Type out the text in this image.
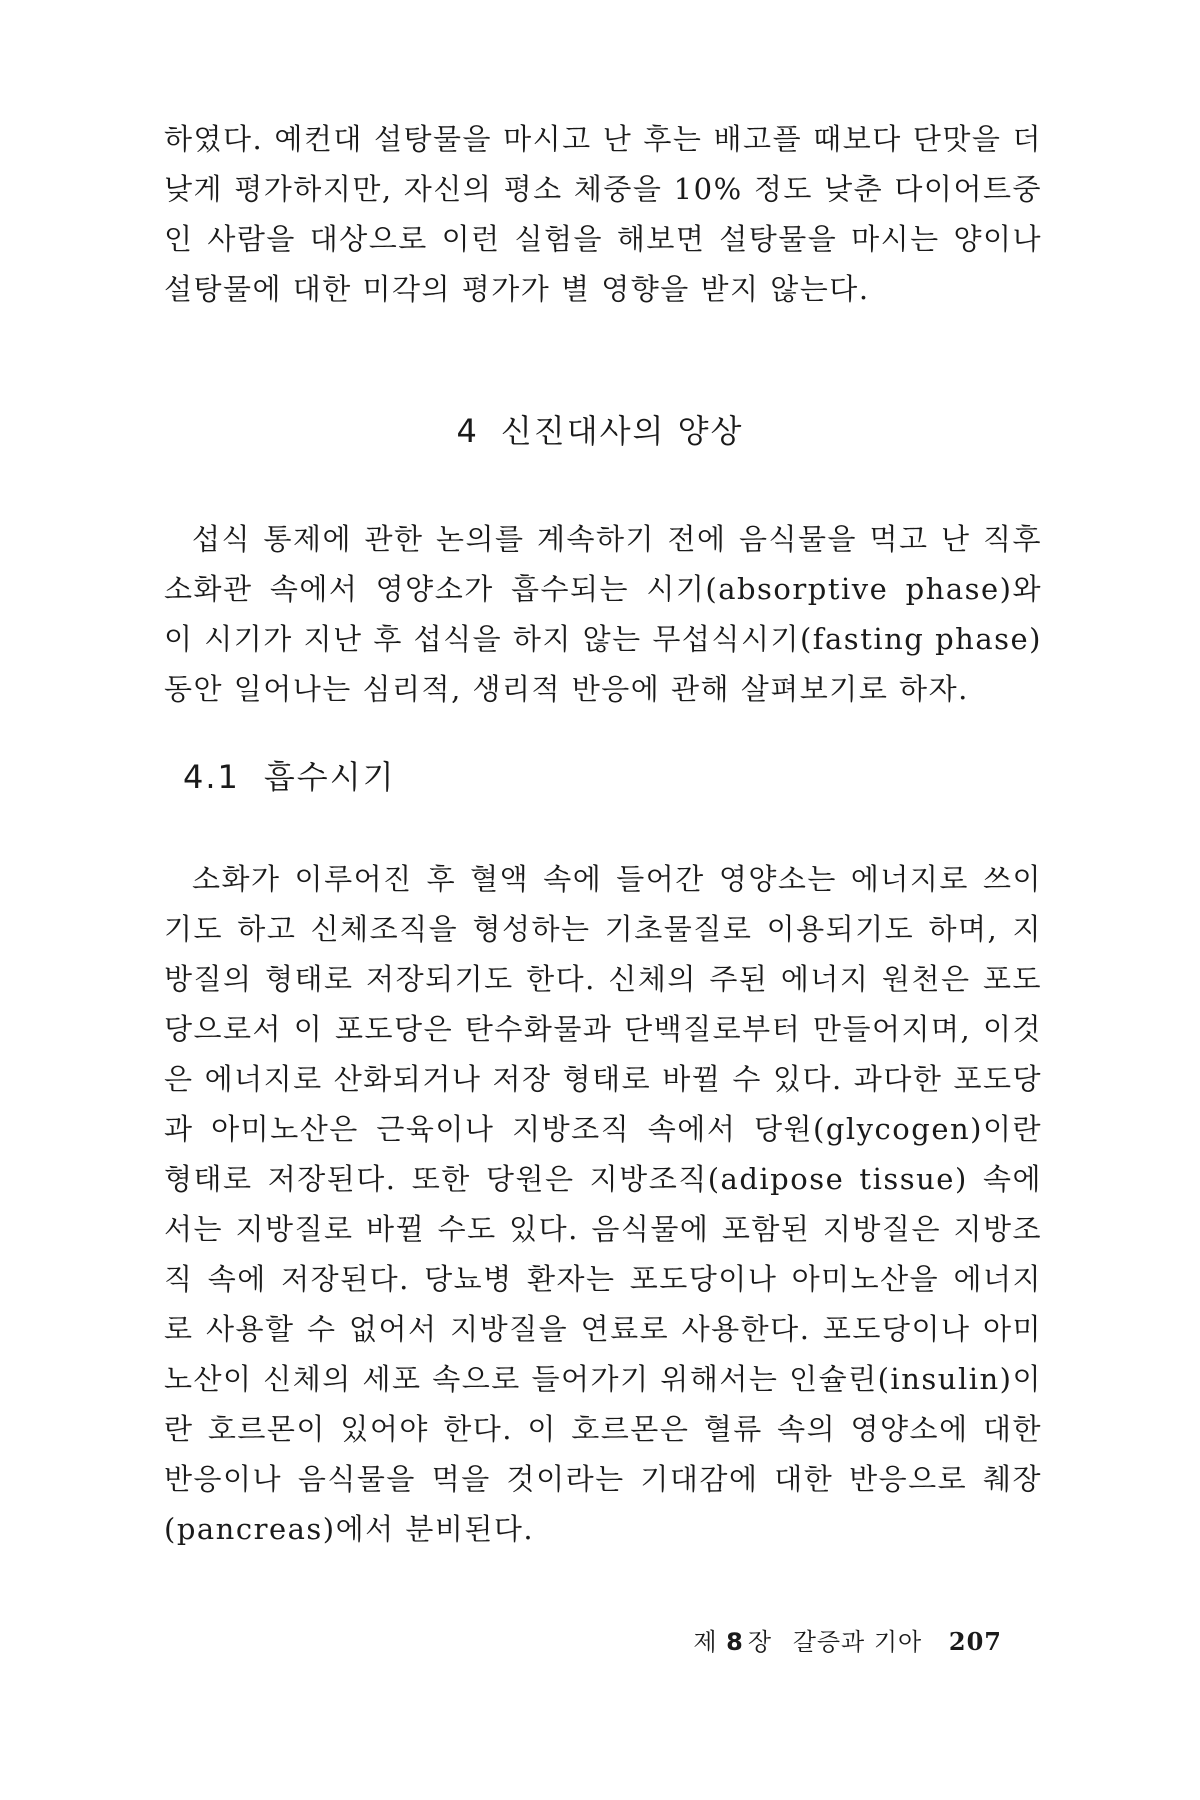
하였다. 예컨대 설탕물을 마시고 난 후는 배고플 때보다 단맛을 더 낮게 평가하지만, 자신의 평소 체중을 10% 정도 낮춘 다이어트중인 사람을 대상으로 이런 실험을 해보면 설탕물을 마시는 양이나 설탕물에 대한 미각의 평가가 별 영향을 받지 않는다.

4 신진대사의 양상

섭식 통제에 관한 논의를 계속하기 전에 음식물을 먹고 난 직후 소화관 속에서 영양소가 흡수되는 시기(absorptive phase)와 이 시기가 지난 후 섭식을 하지 않는 무섭식시기(fasting phase) 동안 일어나는 심리적, 생리적 반응에 관해 살펴보기로 하자.

4.1 흡수시기

소화가 이루어진 후 혈액 속에 들어간 영양소는 에너지로 쓰이기도 하고 신체조직을 형성하는 기초물질로 이용되기도 하며, 지방질의 형태로 저장되기도 한다. 신체의 주된 에너지 원천은 포도당으로서 이 포도당은 탄수화물과 단백질로부터 만들어지며, 이것은 에너지로 산화되거나 저장 형태로 바뀔 수 있다. 과다한 포도당과 아미노산은 근육이나 지방조직 속에서 당원(glycogen)이란 형태로 저장된다. 또한 당원은 지방조직(adipose tissue) 속에서는 지방질로 바뀔 수도 있다. 음식물에 포함된 지방질은 지방조직 속에 저장된다. 당뇨병 환자는 포도당이나 아미노산을 에너지로 사용할 수 없어서 지방질을 연료로 사용한다. 포도당이나 아미노산이 신체의 세포 속으로 들어가기 위해서는 인슐린(insulin)이란 호르몬이 있어야 한다. 이 호르몬은 혈류 속의 영양소에 대한 반응이나 음식물을 먹을 것이라는 기대감에 대한 반응으로 췌장(pancreas)에서 분비된다.

제 8 장 갈증과 기아 207
